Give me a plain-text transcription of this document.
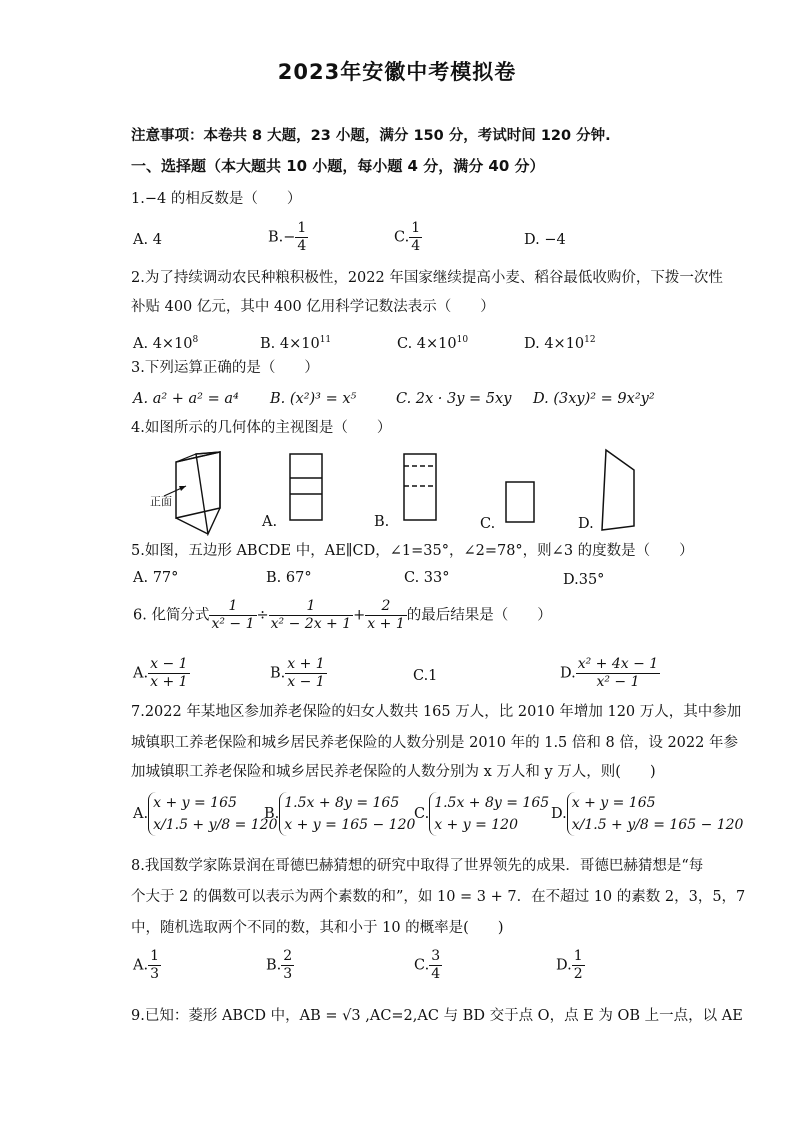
2023年安徽中考模拟卷
注意事项：本卷共 8 大题，23 小题，满分 150 分，考试时间 120 分钟.
一、选择题（本大题共 10 小题，每小题 4 分，满分 40 分）
1.−4 的相反数是（　　）
A. 4	$B.- \frac{1}{4}$	C. $\frac{1}{4}$	D. −4
2.为了持续调动农民种粮积极性，2022 年国家继续提高小麦、稻谷最低收购价，下拨一次性
补贴 400 亿元，其中 400 亿用科学记数法表示（　　）
A. $4\times 10^8$	B. $4\times 10^{11}$	C. $4\times 10^{10}$	D. $4\times 10^{12}$
3.下列运算正确的是（　　）
A. a² + a² = a⁴ B. (x²)³ = x⁵	C. 2x · 3y = 5xy D. (3xy)² = 9x²y²
4.如图所示的几何体的主视图是（　　）
正面
A.	B.	C.	D.
5.如图，五边形 ABCDE 中，AE∥CD，∠1=35°，∠2=78°，则∠3 的度数是（　　）
A. 77°	B. 67°	C. 33°	D.35°
6. 化简分式 $\frac{1}{\text{x² − 1}} \div \frac{1}{\text{x² − 2x + 1}} + \frac{2}{x + 1}$ 的最后结果是（　　）
A. $\frac{x - 1}{x + 1}$	B. $\frac{x + 1}{x - 1}$	C.1	D. $\frac{\text{x² + 4x − 1}}{\text{x² − 1}}$
7.2022 年某地区参加养老保险的妇女人数共 165 万人，比 2010 年增加 120 万人，其中参加
城镇职工养老保险和城乡居民养老保险的人数分别是 2010 年的 1.5 倍和 8 倍，设 2022 年参
加城镇职工养老保险和城乡居民养老保险的人数分别为 x 万人和 y 万人，则(　　)
A.
x + y = 165
x/1.5 + y/8 = 120
B.
1.5x + 8y = 165
x + y = 165 − 120
C.
1.5x + 8y = 165
x + y = 120
D.
x + y = 165
x/1.5 + y/8 = 165 − 120
8.我国数学家陈景润在哥德巴赫猜想的研究中取得了世界领先的成果．哥德巴赫猜想是“每
个大于 2 的偶数可以表示为两个素数的和”，如 10 = 3 + 7．在不超过 10 的素数 2，3，5，7
中，随机选取两个不同的数，其和小于 10 的概率是(　　)
A. $\frac{1}{3}$	B. $\frac{2}{3}$	C. $\frac{3}{4}$	D. $\frac{1}{2}$
9.已知：菱形 ABCD 中，AB = √3 ,AC=2,AC 与 BD 交于点 O，点 E 为 OB 上一点，以 AE
